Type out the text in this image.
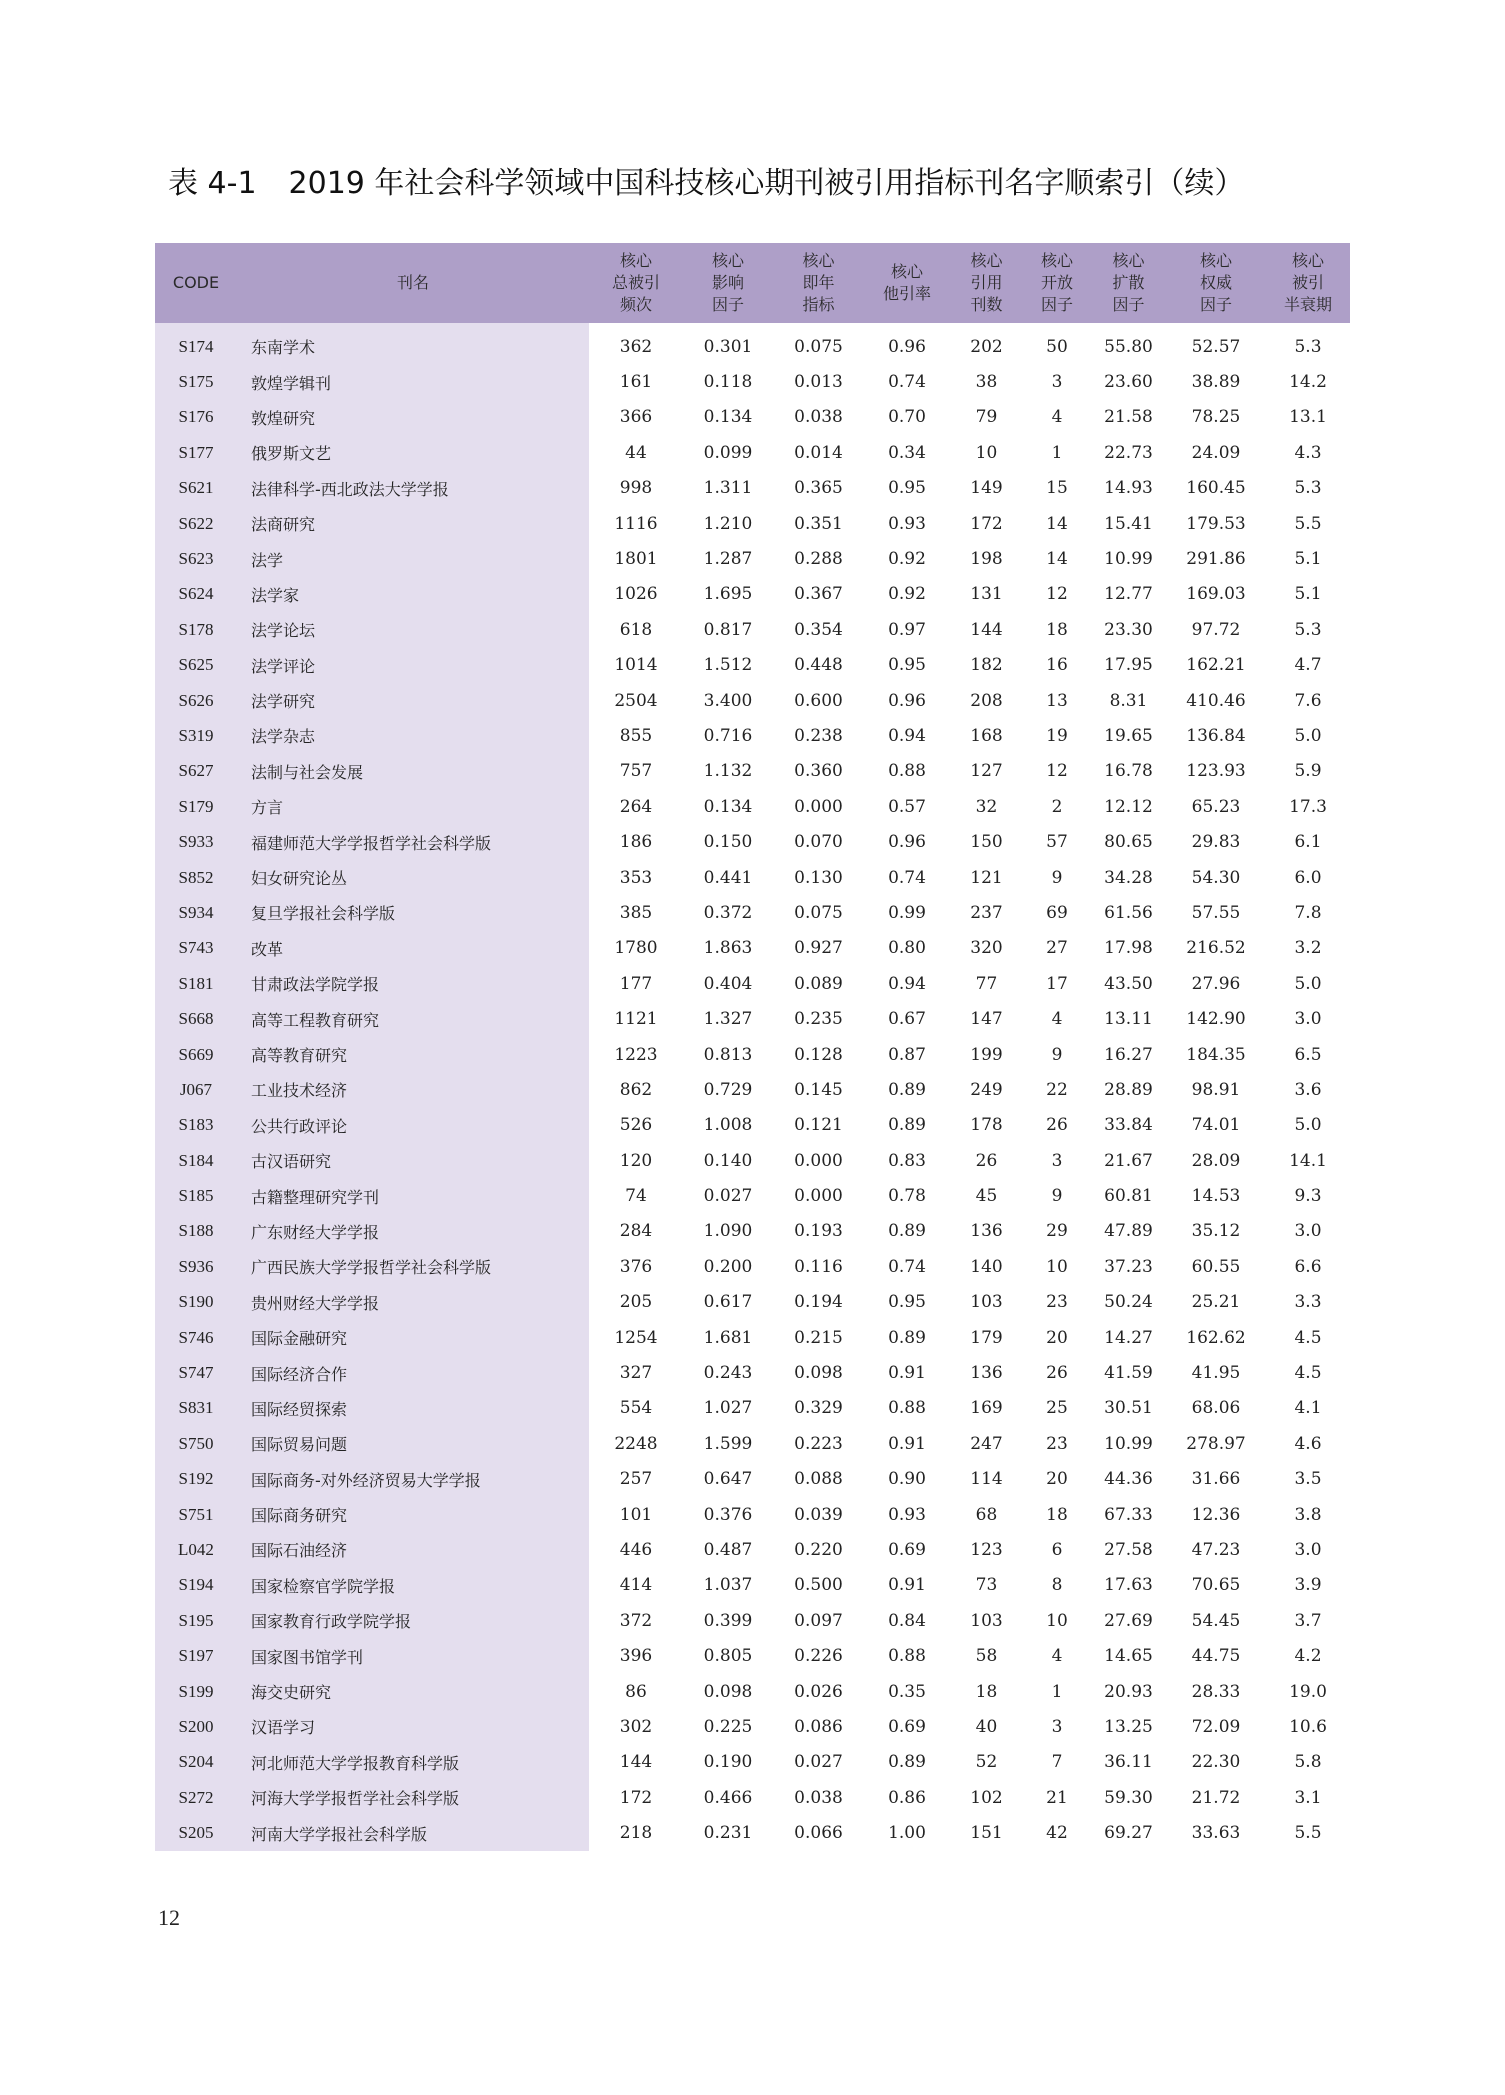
表 4-1 2019 年社会科学领域中国科技核心期刊被引用指标刊名字顺索引（续）
CODE	刊名	核心
总被引
频次	核心
影响
因子	核心
即年
指标	核心
他引率	核心
引用
刊数	核心
开放
因子	核心
扩散
因子	核心
权威
因子	核心
被引
半衰期
S174	东南学术	362	0.301	0.075	0.96	202	50	55.80	52.57	5.3
S175	敦煌学辑刊	161	0.118	0.013	0.74	38	3	23.60	38.89	14.2
S176	敦煌研究	366	0.134	0.038	0.70	79	4	21.58	78.25	13.1
S177	俄罗斯文艺	44	0.099	0.014	0.34	10	1	22.73	24.09	4.3
S621	法律科学-西北政法大学学报	998	1.311	0.365	0.95	149	15	14.93	160.45	5.3
S622	法商研究	1116	1.210	0.351	0.93	172	14	15.41	179.53	5.5
S623	法学	1801	1.287	0.288	0.92	198	14	10.99	291.86	5.1
S624	法学家	1026	1.695	0.367	0.92	131	12	12.77	169.03	5.1
S178	法学论坛	618	0.817	0.354	0.97	144	18	23.30	97.72	5.3
S625	法学评论	1014	1.512	0.448	0.95	182	16	17.95	162.21	4.7
S626	法学研究	2504	3.400	0.600	0.96	208	13	8.31	410.46	7.6
S319	法学杂志	855	0.716	0.238	0.94	168	19	19.65	136.84	5.0
S627	法制与社会发展	757	1.132	0.360	0.88	127	12	16.78	123.93	5.9
S179	方言	264	0.134	0.000	0.57	32	2	12.12	65.23	17.3
S933	福建师范大学学报哲学社会科学版	186	0.150	0.070	0.96	150	57	80.65	29.83	6.1
S852	妇女研究论丛	353	0.441	0.130	0.74	121	9	34.28	54.30	6.0
S934	复旦学报社会科学版	385	0.372	0.075	0.99	237	69	61.56	57.55	7.8
S743	改革	1780	1.863	0.927	0.80	320	27	17.98	216.52	3.2
S181	甘肃政法学院学报	177	0.404	0.089	0.94	77	17	43.50	27.96	5.0
S668	高等工程教育研究	1121	1.327	0.235	0.67	147	4	13.11	142.90	3.0
S669	高等教育研究	1223	0.813	0.128	0.87	199	9	16.27	184.35	6.5
J067	工业技术经济	862	0.729	0.145	0.89	249	22	28.89	98.91	3.6
S183	公共行政评论	526	1.008	0.121	0.89	178	26	33.84	74.01	5.0
S184	古汉语研究	120	0.140	0.000	0.83	26	3	21.67	28.09	14.1
S185	古籍整理研究学刊	74	0.027	0.000	0.78	45	9	60.81	14.53	9.3
S188	广东财经大学学报	284	1.090	0.193	0.89	136	29	47.89	35.12	3.0
S936	广西民族大学学报哲学社会科学版	376	0.200	0.116	0.74	140	10	37.23	60.55	6.6
S190	贵州财经大学学报	205	0.617	0.194	0.95	103	23	50.24	25.21	3.3
S746	国际金融研究	1254	1.681	0.215	0.89	179	20	14.27	162.62	4.5
S747	国际经济合作	327	0.243	0.098	0.91	136	26	41.59	41.95	4.5
S831	国际经贸探索	554	1.027	0.329	0.88	169	25	30.51	68.06	4.1
S750	国际贸易问题	2248	1.599	0.223	0.91	247	23	10.99	278.97	4.6
S192	国际商务-对外经济贸易大学学报	257	0.647	0.088	0.90	114	20	44.36	31.66	3.5
S751	国际商务研究	101	0.376	0.039	0.93	68	18	67.33	12.36	3.8
L042	国际石油经济	446	0.487	0.220	0.69	123	6	27.58	47.23	3.0
S194	国家检察官学院学报	414	1.037	0.500	0.91	73	8	17.63	70.65	3.9
S195	国家教育行政学院学报	372	0.399	0.097	0.84	103	10	27.69	54.45	3.7
S197	国家图书馆学刊	396	0.805	0.226	0.88	58	4	14.65	44.75	4.2
S199	海交史研究	86	0.098	0.026	0.35	18	1	20.93	28.33	19.0
S200	汉语学习	302	0.225	0.086	0.69	40	3	13.25	72.09	10.6
S204	河北师范大学学报教育科学版	144	0.190	0.027	0.89	52	7	36.11	22.30	5.8
S272	河海大学学报哲学社会科学版	172	0.466	0.038	0.86	102	21	59.30	21.72	3.1
S205	河南大学学报社会科学版	218	0.231	0.066	1.00	151	42	69.27	33.63	5.5
12
